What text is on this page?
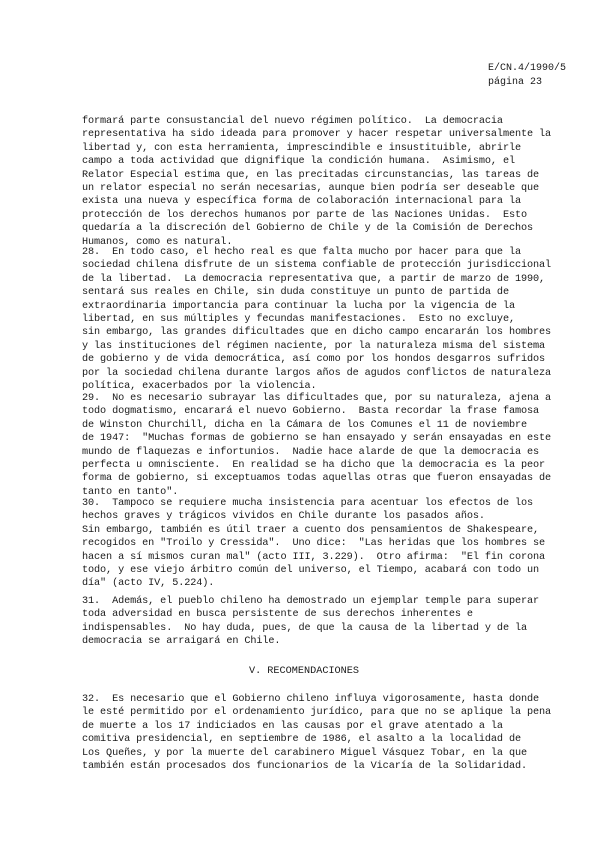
E/CN.4/1990/5
página 23
formará parte consustancial del nuevo régimen político.  La democracia
representativa ha sido ideada para promover y hacer respetar universalmente la
libertad y, con esta herramienta, imprescindible e insustituible, abrirle
campo a toda actividad que dignifique la condición humana.  Asimismo, el
Relator Especial estima que, en las precitadas circunstancias, las tareas de
un relator especial no serán necesarias, aunque bien podría ser deseable que
exista una nueva y específica forma de colaboración internacional para la
protección de los derechos humanos por parte de las Naciones Unidas.  Esto
quedaría a la discreción del Gobierno de Chile y de la Comisión de Derechos
Humanos, como es natural.
28.  En todo caso, el hecho real es que falta mucho por hacer para que la
sociedad chilena disfrute de un sistema confiable de protección jurisdiccional
de la libertad.  La democracia representativa que, a partir de marzo de 1990,
sentará sus reales en Chile, sin duda constituye un punto de partida de
extraordinaria importancia para continuar la lucha por la vigencia de la
libertad, en sus múltiples y fecundas manifestaciones.  Esto no excluye,
sin embargo, las grandes dificultades que en dicho campo encararán los hombres
y las instituciones del régimen naciente, por la naturaleza misma del sistema
de gobierno y de vida democrática, así como por los hondos desgarros sufridos
por la sociedad chilena durante largos años de agudos conflictos de naturaleza
política, exacerbados por la violencia.
29.  No es necesario subrayar las dificultades que, por su naturaleza, ajena a
todo dogmatismo, encarará el nuevo Gobierno.  Basta recordar la frase famosa
de Winston Churchill, dicha en la Cámara de los Comunes el 11 de noviembre
de 1947:  "Muchas formas de gobierno se han ensayado y serán ensayadas en este
mundo de flaquezas e infortunios.  Nadie hace alarde de que la democracia es
perfecta u omnisciente.  En realidad se ha dicho que la democracia es la peor
forma de gobierno, si exceptuamos todas aquellas otras que fueron ensayadas de
tanto en tanto".
30.  Tampoco se requiere mucha insistencia para acentuar los efectos de los
hechos graves y trágicos vividos en Chile durante los pasados años.
Sin embargo, también es útil traer a cuento dos pensamientos de Shakespeare,
recogidos en "Troilo y Cressida".  Uno dice:  "Las heridas que los hombres se
hacen a sí mismos curan mal" (acto III, 3.229).  Otro afirma:  "El fin corona
todo, y ese viejo árbitro común del universo, el Tiempo, acabará con todo un
día" (acto IV, 5.224).
31.  Además, el pueblo chileno ha demostrado un ejemplar temple para superar
toda adversidad en busca persistente de sus derechos inherentes e
indispensables.  No hay duda, pues, de que la causa de la libertad y de la
democracia se arraigará en Chile.
V. RECOMENDACIONES
32.  Es necesario que el Gobierno chileno influya vigorosamente, hasta donde
le esté permitido por el ordenamiento jurídico, para que no se aplique la pena
de muerte a los 17 indiciados en las causas por el grave atentado a la
comitiva presidencial, en septiembre de 1986, el asalto a la localidad de
Los Queñes, y por la muerte del carabinero Miguel Vásquez Tobar, en la que
también están procesados dos funcionarios de la Vicaría de la Solidaridad.
